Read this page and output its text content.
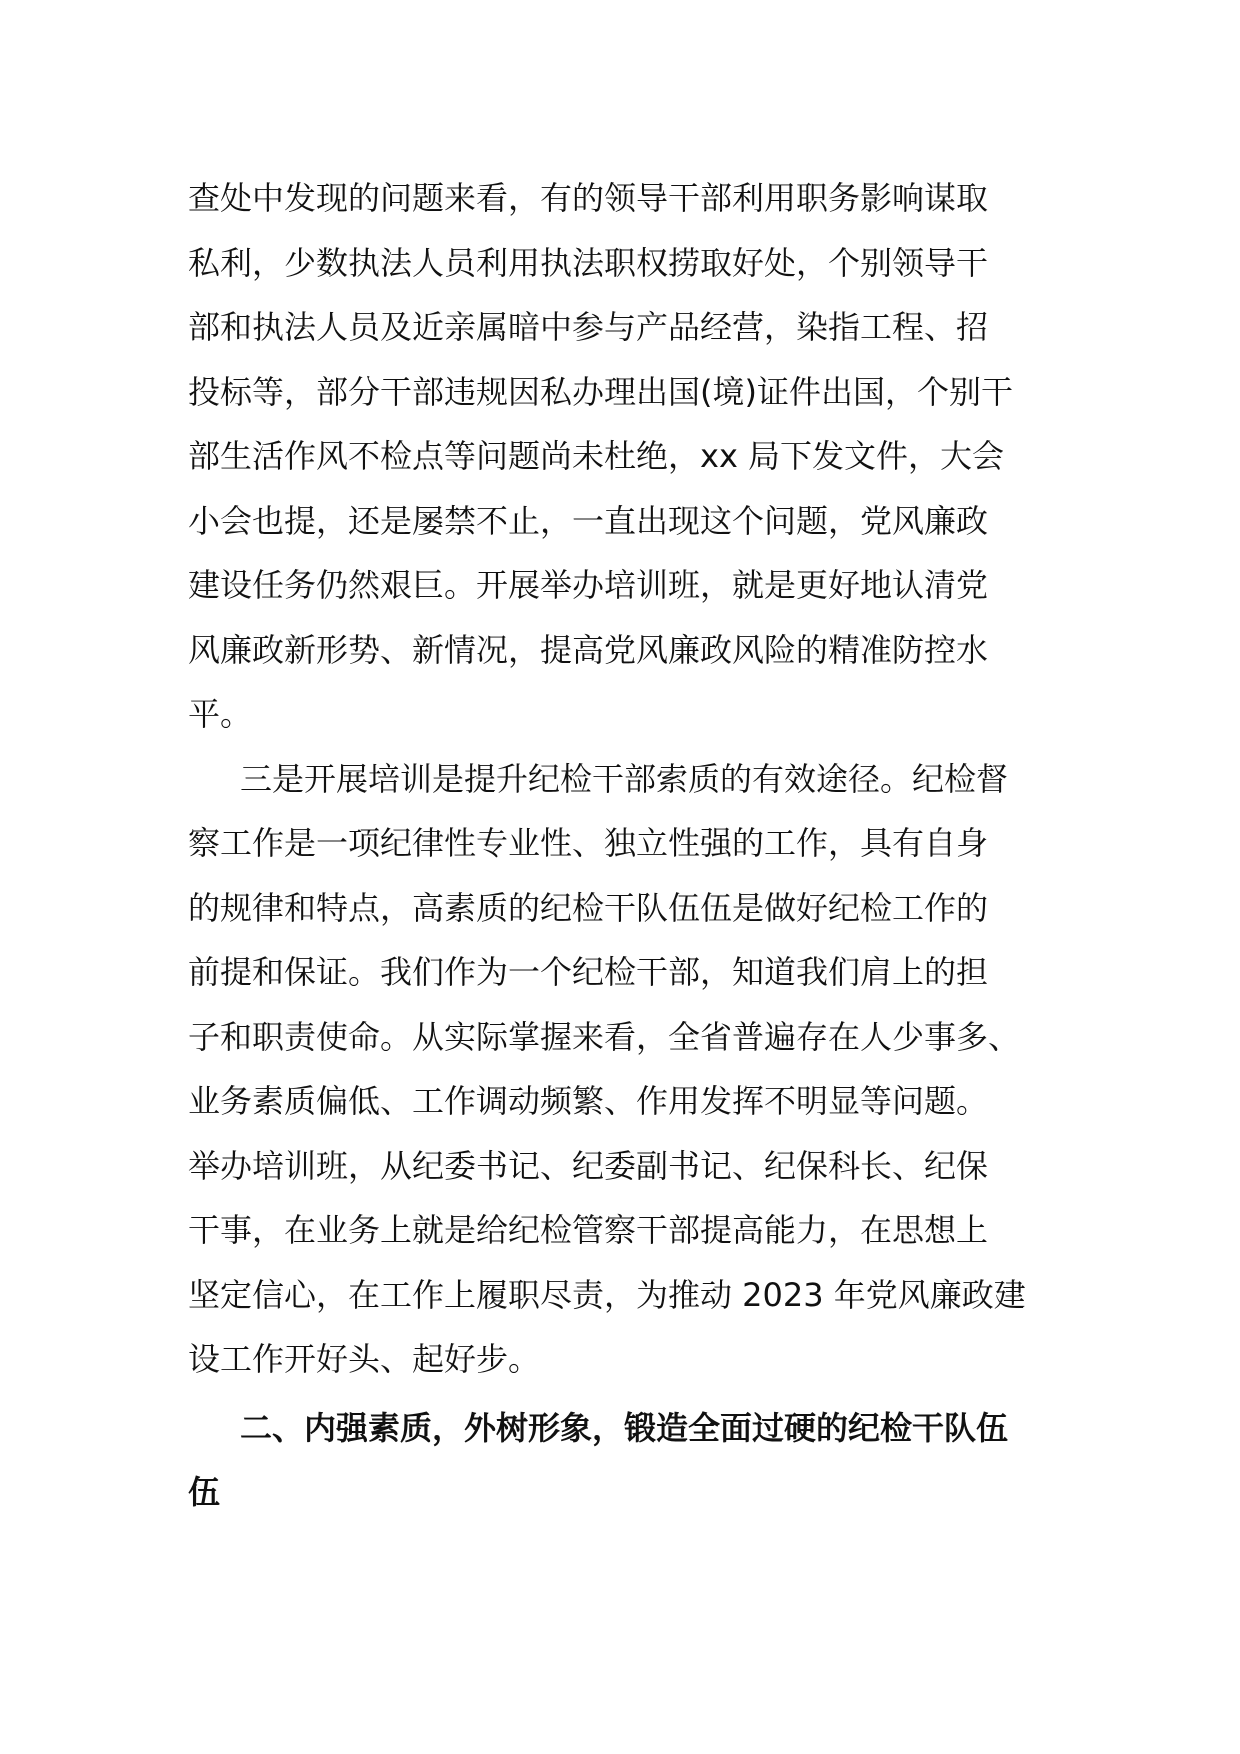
查处中发现的问题来看，有的领导干部利用职务影响谋取
私利，少数执法人员利用执法职权捞取好处，个别领导干
部和执法人员及近亲属暗中参与产品经营，染指工程、招
投标等，部分干部违规因私办理出国(境)证件出国，个别干
部生活作风不检点等问题尚未杜绝，xx 局下发文件，大会
小会也提，还是屡禁不止，一直出现这个问题，党风廉政
建设任务仍然艰巨。开展举办培训班，就是更好地认清党
风廉政新形势、新情况，提高党风廉政风险的精准防控水
平。
三是开展培训是提升纪检干部索质的有效途径。纪检督
察工作是一项纪律性专业性、独立性强的工作，具有自身
的规律和特点，高素质的纪检干队伍伍是做好纪检工作的
前提和保证。我们作为一个纪检干部，知道我们肩上的担
子和职责使命。从实际掌握来看，全省普遍存在人少事多、
业务素质偏低、工作调动频繁、作用发挥不明显等问题。
举办培训班，从纪委书记、纪委副书记、纪保科长、纪保
干事，在业务上就是给纪检管察干部提高能力，在思想上
坚定信心，在工作上履职尽责，为推动 2023 年党风廉政建
设工作开好头、起好步。
二、内强素质，外树形象，锻造全面过硬的纪检干队伍
伍
